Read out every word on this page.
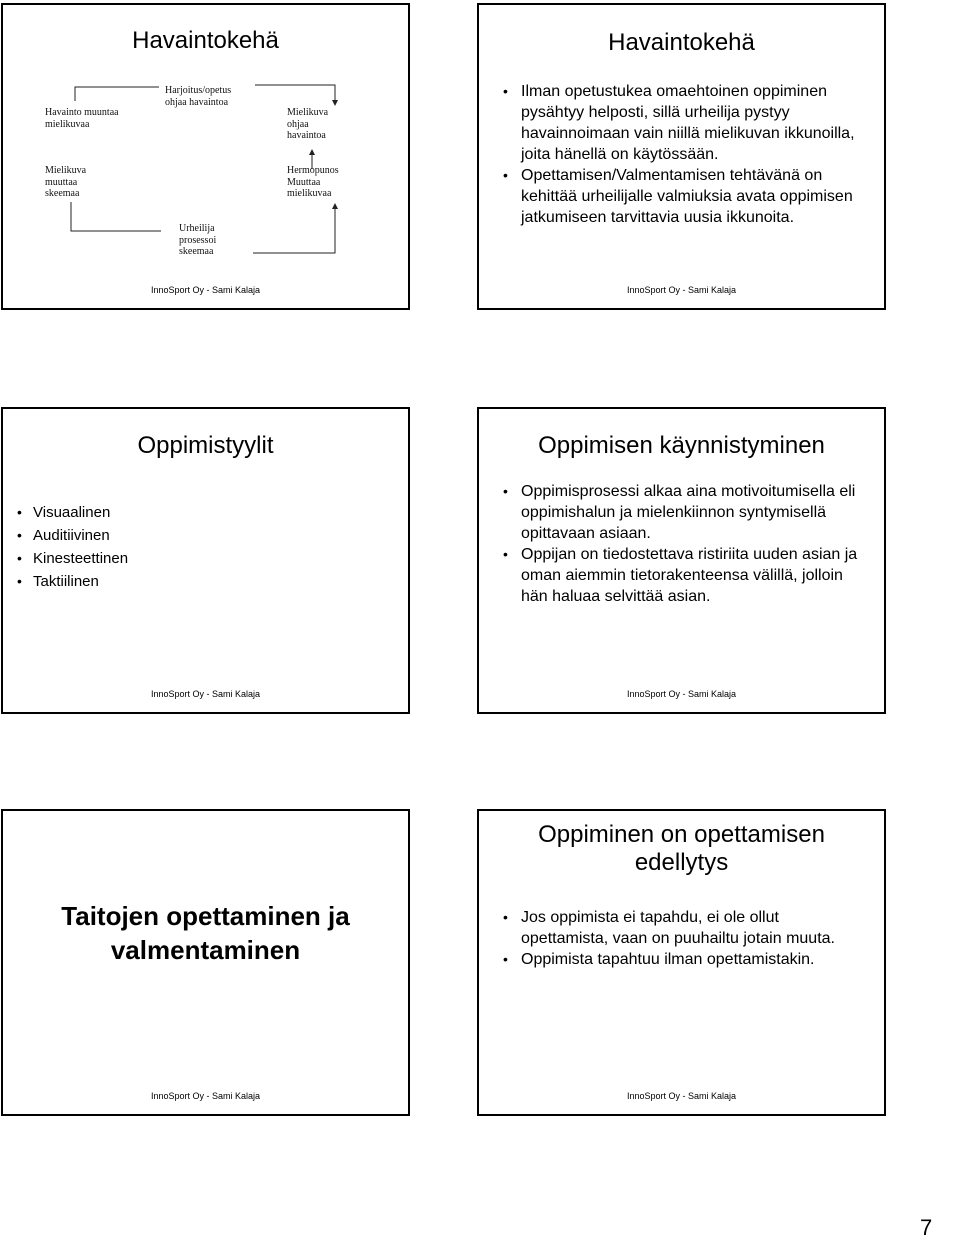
Havaintokehä
Havainto muuntaa mielikuvaa
Harjoitus/opetus ohjaa havaintoa
Mielikuva ohjaa havaintoa
Mielikuva muuttaa skeemaa
Hermopunos Muuttaa mielikuvaa
Urheilija prosessoi skeemaa
InnoSport Oy - Sami Kalaja
Havaintokehä
• Ilman opetustukea omaehtoinen oppiminen pysähtyy helposti, sillä urheilija pystyy havainnoimaan vain niillä mielikuvan ikkunoilla, joita hänellä on käytössään.
• Opettamisen/Valmentamisen tehtävänä on kehittää urheilijalle valmiuksia avata oppimisen jatkumiseen tarvittavia uusia ikkunoita.
InnoSport Oy - Sami Kalaja
Oppimistyylit
• Visuaalinen
• Auditiivinen
• Kinesteettinen
• Taktiilinen
InnoSport Oy - Sami Kalaja
Oppimisen käynnistyminen
• Oppimisprosessi alkaa aina motivoitumisella eli oppimishalun ja mielenkiinnon syntymisellä opittavaan asiaan.
• Oppijan on tiedostettava ristiriita uuden asian ja oman aiemmin tietorakenteensa välillä, jolloin hän haluaa selvittää asian.
InnoSport Oy - Sami Kalaja
Taitojen opettaminen ja valmentaminen
InnoSport Oy - Sami Kalaja
Oppiminen on opettamisen edellytys
• Jos oppimista ei tapahdu, ei ole ollut opettamista, vaan on puuhailtu jotain muuta.
• Oppimista tapahtuu ilman opettamistakin.
InnoSport Oy - Sami Kalaja
7
